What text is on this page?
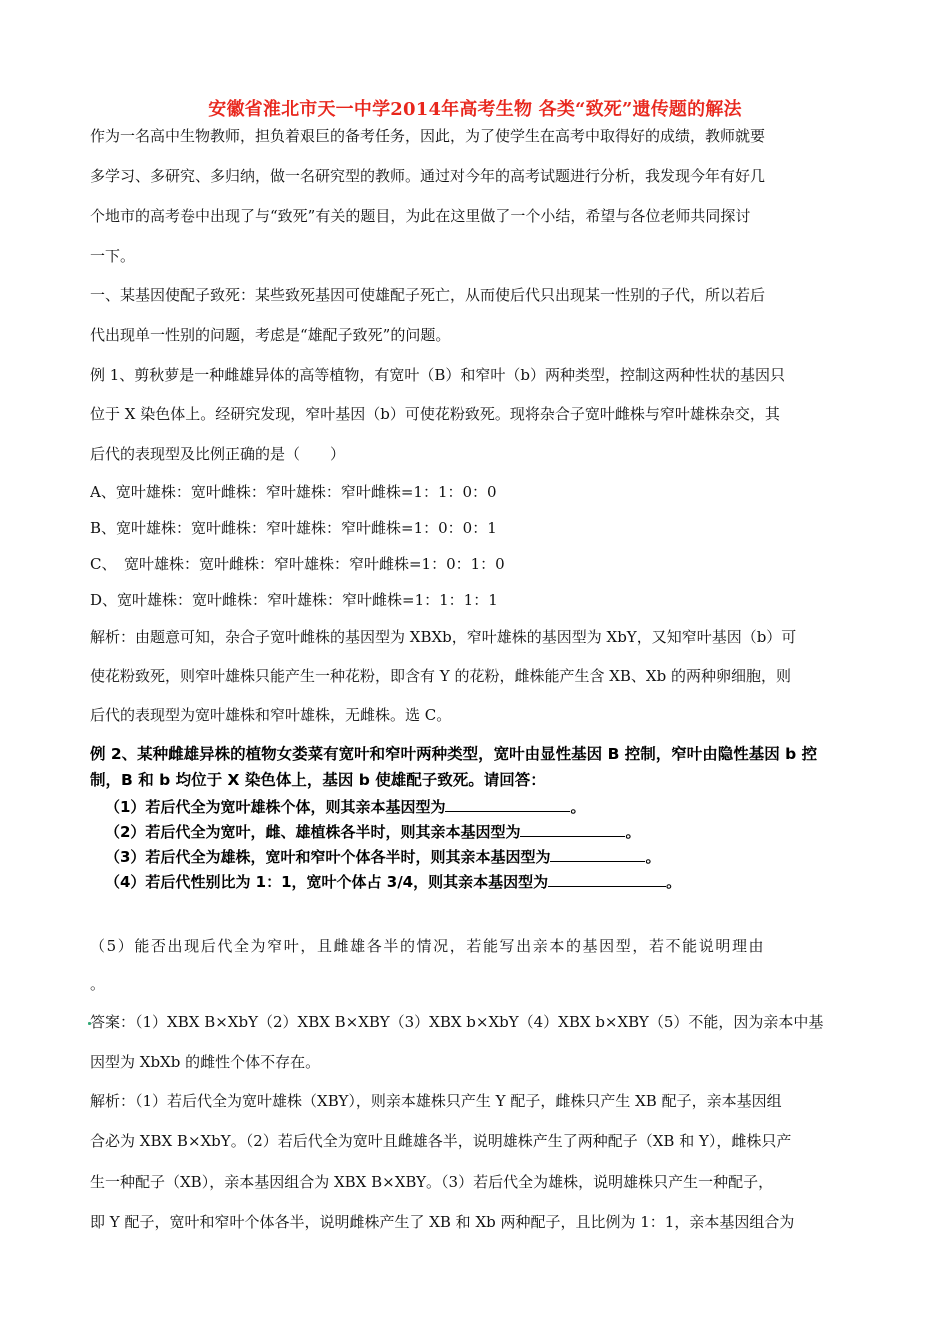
安徽省淮北市天一中学2014年高考生物 各类“致死”遗传题的解法
作为一名高中生物教师，担负着艰巨的备考任务，因此，为了使学生在高考中取得好的成绩，教师就要
多学习、多研究、多归纳，做一名研究型的教师。通过对今年的高考试题进行分析，我发现今年有好几
个地市的高考卷中出现了与“致死”有关的题目，为此在这里做了一个小结，希望与各位老师共同探讨
一下。
一、某基因使配子致死：某些致死基因可使雄配子死亡，从而使后代只出现某一性别的子代，所以若后
代出现单一性别的问题，考虑是“雄配子致死”的问题。
例 1、剪秋萝是一种雌雄异体的高等植物，有宽叶（B）和窄叶（b）两种类型，控制这两种性状的基因只
位于 X 染色体上。经研究发现，窄叶基因（b）可使花粉致死。现将杂合子宽叶雌株与窄叶雄株杂交，其
后代的表现型及比例正确的是（　　）
A、宽叶雄株：宽叶雌株：窄叶雄株：窄叶雌株=1：1：0：0
B、宽叶雄株：宽叶雌株：窄叶雄株：窄叶雌株=1：0：0：1
C、　宽叶雄株：宽叶雌株：窄叶雄株：窄叶雌株=1：0：1：0
D、宽叶雄株：宽叶雌株：窄叶雄株：窄叶雌株=1：1：1：1
解析：由题意可知，杂合子宽叶雌株的基因型为 XBXb，窄叶雄株的基因型为 XbY，又知窄叶基因（b）可
使花粉致死，则窄叶雄株只能产生一种花粉，即含有 Y 的花粉，雌株能产生含 XB、Xb 的两种卵细胞，则
后代的表现型为宽叶雄株和窄叶雄株，无雌株。选 C。
例 2、某种雌雄异株的植物女娄菜有宽叶和窄叶两种类型，宽叶由显性基因 B 控制，窄叶由隐性基因 b 控
制，B 和 b 均位于 X 染色体上，基因 b 使雄配子致死。请回答：
（1）若后代全为宽叶雄株个体，则其亲本基因型为	。
（2）若后代全为宽叶，雌、雄植株各半时，则其亲本基因型为	。
（3）若后代全为雄株，宽叶和窄叶个体各半时，则其亲本基因型为	。
（4）若后代性别比为 1：1，宽叶个体占 3/4，则其亲本基因型为	。
（5）能否出现后代全为窄叶，且雌雄各半的情况，若能写出亲本的基因型，若不能说明理由
。
答案：（1）XBX B×XbY（2）XBX B×XBY（3）XBX b×XbY（4）XBX b×XBY（5）不能，因为亲本中基
因型为 XbXb 的雌性个体不存在。
解析：（1）若后代全为宽叶雄株（XBY），则亲本雄株只产生 Y 配子，雌株只产生 XB 配子，亲本基因组
合必为 XBX B×XbY。（2）若后代全为宽叶且雌雄各半，说明雄株产生了两种配子（XB 和 Y），雌株只产
生一种配子（XB），亲本基因组合为 XBX B×XBY。（3）若后代全为雄株，说明雄株只产生一种配子，
即 Y 配子，宽叶和窄叶个体各半，说明雌株产生了 XB 和 Xb 两种配子，且比例为 1：1，亲本基因组合为
